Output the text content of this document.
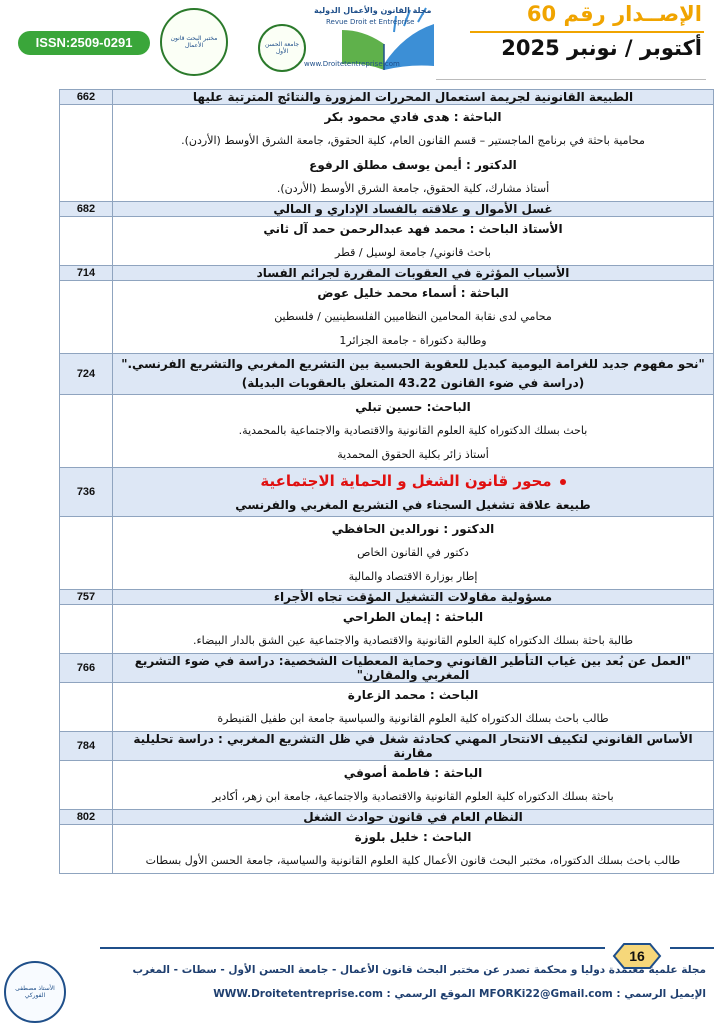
ISSN:2509-0291	مختبر البحث قانون الأعمال
مجلة القانون والأعمال الدولية
Revue Droit et Entreprise
www.Droitetentreprise.com
جامعة الحسن الأول
الإصــدار رقم 60
أكتوبر / نونبر 2025
الطبيعة القانونية لجريمة استعمال المحررات المزورة والنتائج المترتبة عليها	662

الباحثة : هدى فادي محمود بكر
محامية باحثة في برنامج الماجستير – قسم القانون العام، كلية الحقوق، جامعة الشرق الأوسط (الأردن).
الدكتور : أيمن يوسف مطلق الرفوع
أستاذ مشارك، كلية الحقوق، جامعة الشرق الأوسط (الأردن).	

غسل الأموال و علاقته بالفساد الإداري و المالي	682

الأستاذ الباحث : محمد فهد عبدالرحمن حمد آل ثاني
باحث قانوني/ جامعة لوسيل / قطر	

الأسباب المؤثرة في العقوبات المقررة لجرائم الفساد	714

الباحثة : أسماء محمد خليل عوض
محامي لدى نقابة المحامين النظاميين الفلسطينيين / فلسطين
وطالبة دكتوراة - جامعة الجزائر1	

"نحو مفهوم جديد للغرامة اليومية كبديل للعقوبة الحبسية بين التشريع المغربي والتشريع الفرنسي." (دراسة في ضوء القانون 43.22 المتعلق بالعقوبات البديلة)	724

الباحث: حسين تبلي
باحث بسلك الدكتوراه كلية العلوم القانونية والاقتصادية والاجتماعية بالمحمدية.
أستاذ زائر بكلية الحقوق المحمدية	

محور قانون الشغل و الحماية الاجتماعية
طبيعة علاقة تشغيل السجناء في التشريع المغربي والفرنسي	736

الدكتور : نورالدين الحافظي
دكتور في القانون الخاص
إطار بوزارة الاقتصاد والمالية	

مسؤولية مقاولات التشغيل المؤقت تجاه الأجراء	757

الباحثة : إيمان الطراحي
طالبة باحثة بسلك الدكتوراه كلية العلوم القانونية والاقتصادية والاجتماعية عين الشق بالدار البيضاء.	

"العمل عن بُعد بين غياب التأطير القانوني وحماية المعطيات الشخصية: دراسة في ضوء التشريع المغربي والمقارن"	766

الباحث : محمد الزعارة
طالب باحث بسلك الدكتوراه كلية العلوم القانونية والسياسية جامعة ابن طفيل القنيطرة	

الأساس القانوني لتكييف الانتحار المهني كحادثة شغل في ظل التشريع المغربي : دراسة تحليلية مقارنة	784

الباحثة : فاطمة أصوفي
باحثة بسلك الدكتوراه كلية العلوم القانونية والاقتصادية والاجتماعية، جامعة ابن زهر، أكادير	

النظام العام في قانون حوادث الشغل	802

الباحث : خليل بلوزة
طالب باحث بسلك الدكتوراه، مختبر البحث قانون الأعمال كلية العلوم القانونية والسياسية، جامعة الحسن الأول بسطات	

16
مجلة علمية معتمدة دوليا و محكمة تصدر عن مختبر البحث قانون الأعمال - جامعة الحسن الأول - سطات - المغرب
الإيميل الرسمي : MFORKi22@Gmail.com الموقع الرسمي : WWW.Droitetentreprise.com
الأستاذ مصطفى الفوركي
